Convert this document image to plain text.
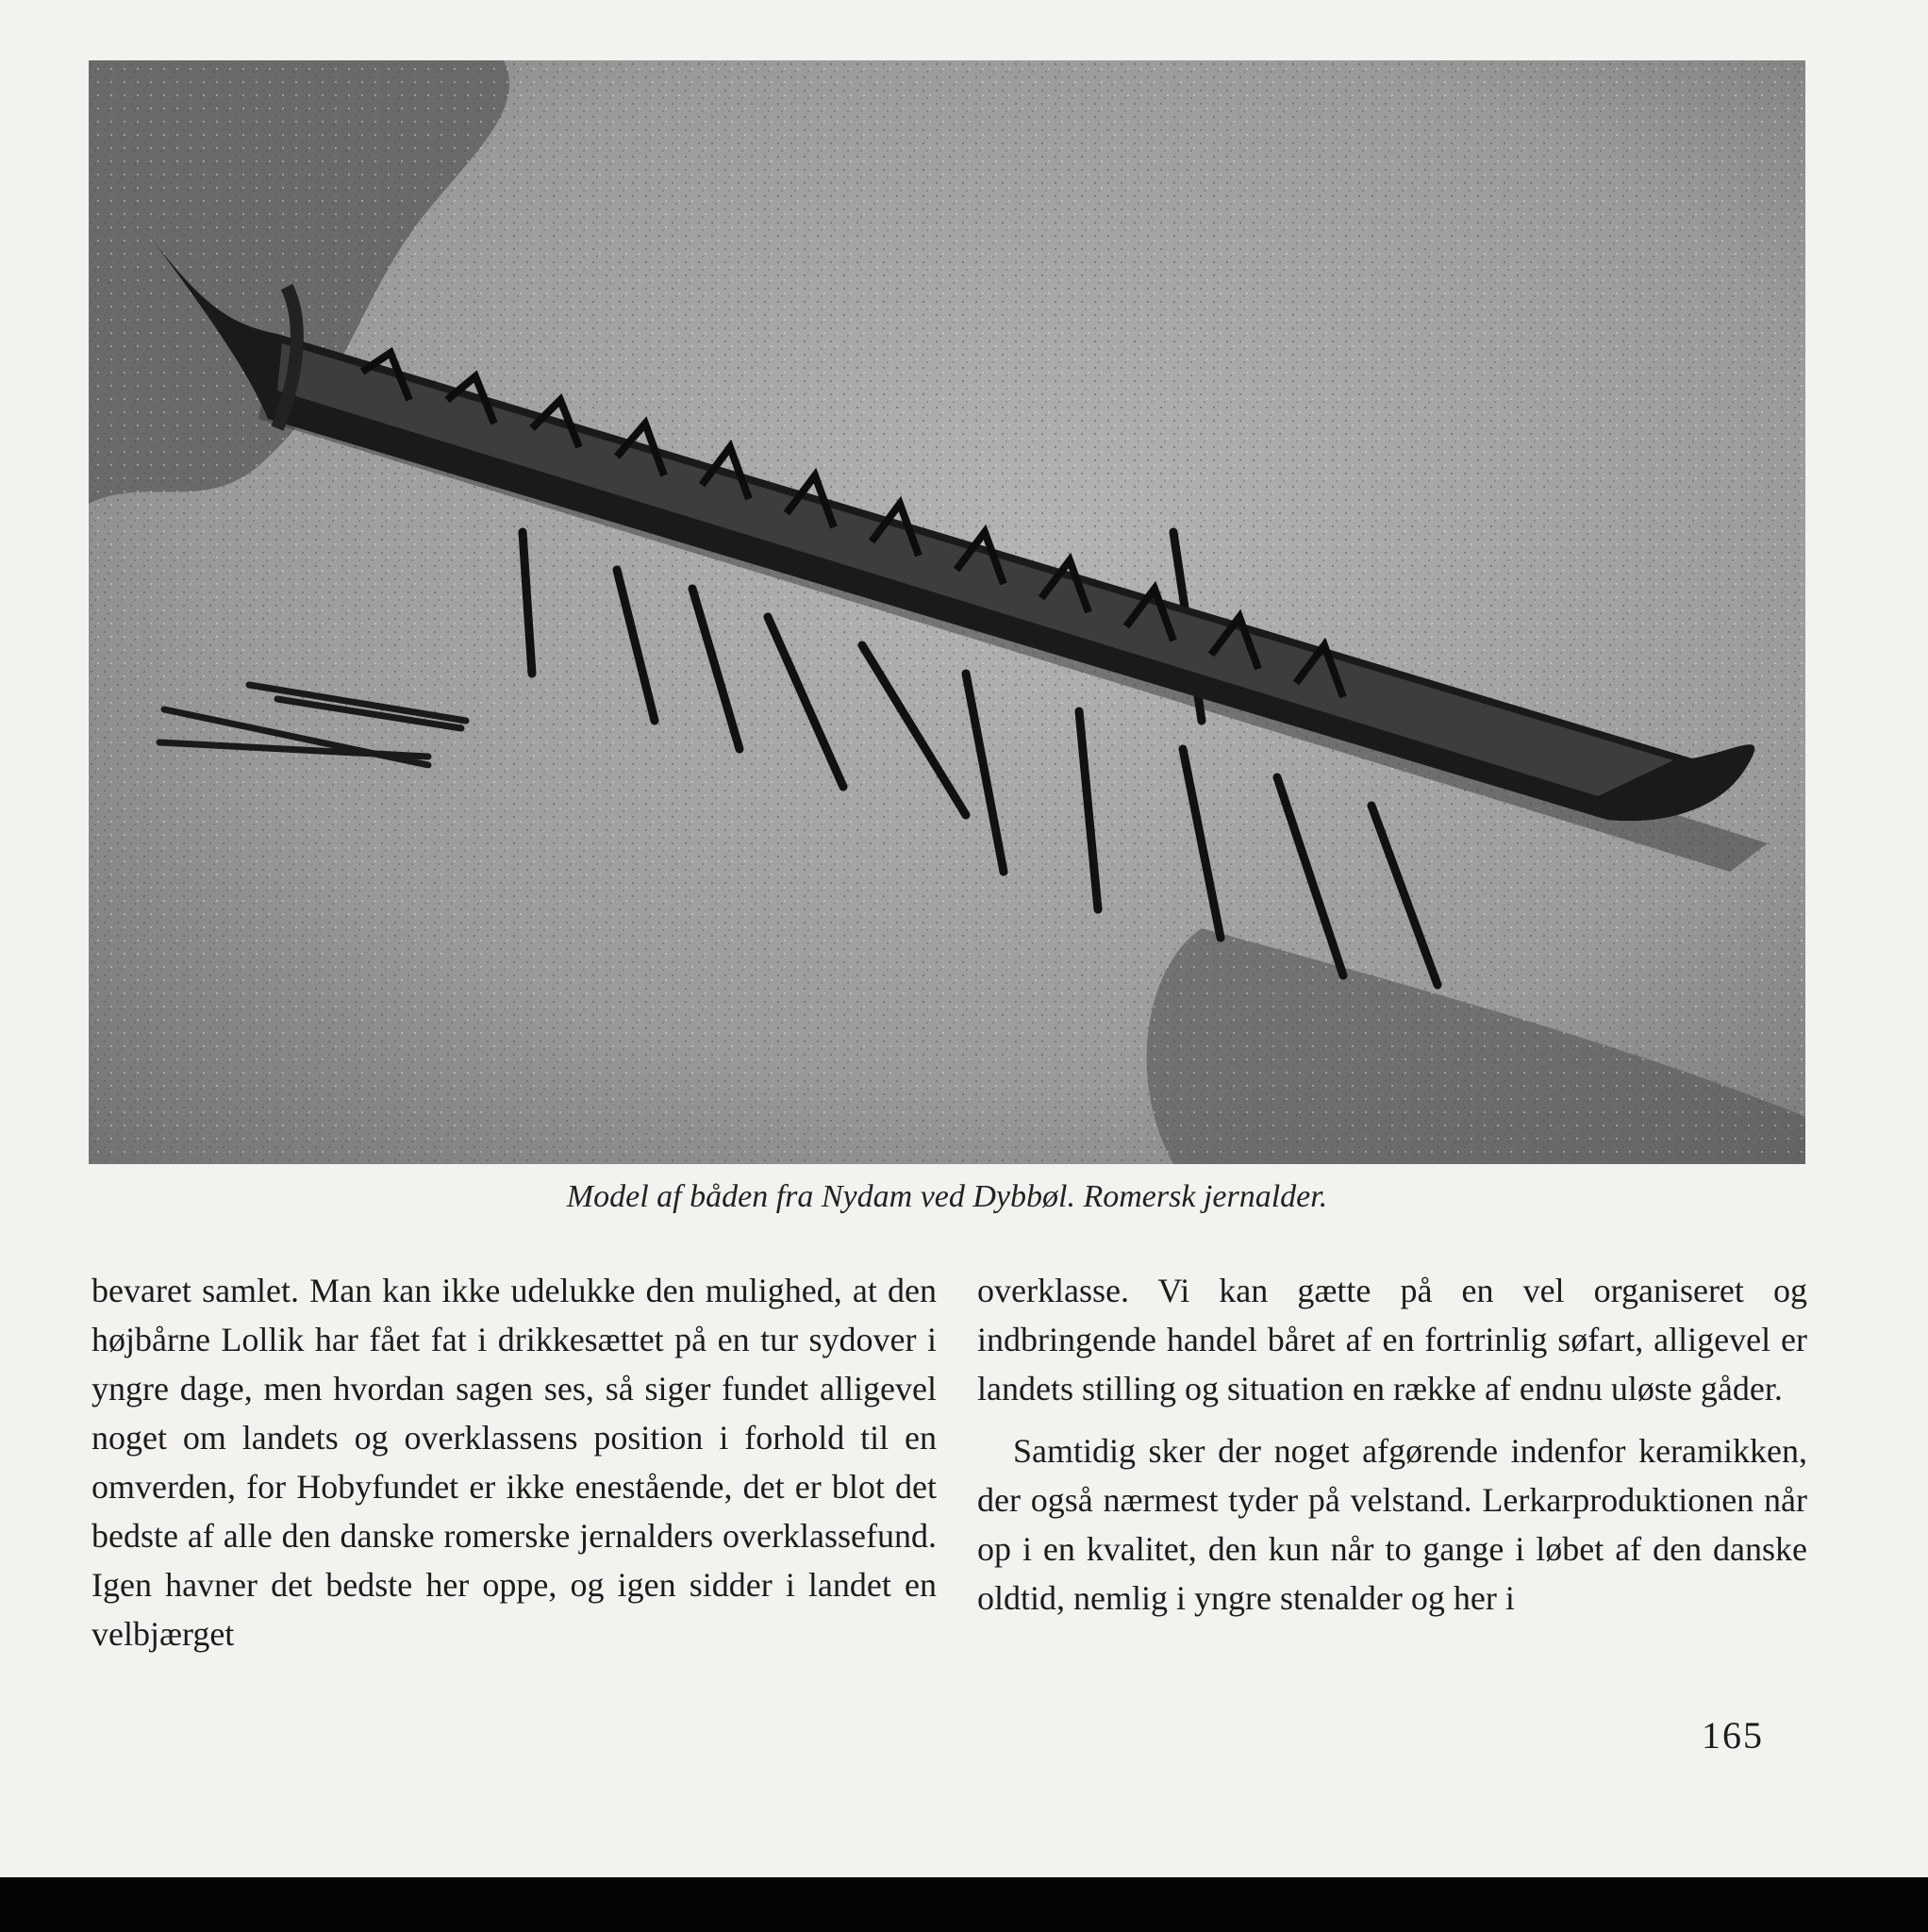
Model af båden fra Nydam ved Dybbøl. Romersk jernalder.

bevaret samlet. Man kan ikke udelukke den mulighed, at den højbårne Lollik har fået fat i drikkesættet på en tur sydover i yngre dage, men hvordan sagen ses, så siger fundet alligevel noget om landets og overklassens position i forhold til en omverden, for Hobyfundet er ikke enestående, det er blot det bedste af alle den danske romerske jernalders overklassefund. Igen havner det bedste her oppe, og igen sidder i landet en velbjærget

overklasse. Vi kan gætte på en vel organiseret og indbringende handel båret af en fortrinlig søfart, alligevel er landets stilling og situation en række af endnu uløste gåder.

Samtidig sker der noget afgørende indenfor keramikken, der også nærmest tyder på velstand. Lerkarproduktionen når op i en kvalitet, den kun når to gange i løbet af den danske oldtid, nemlig i yngre stenalder og her i

165
